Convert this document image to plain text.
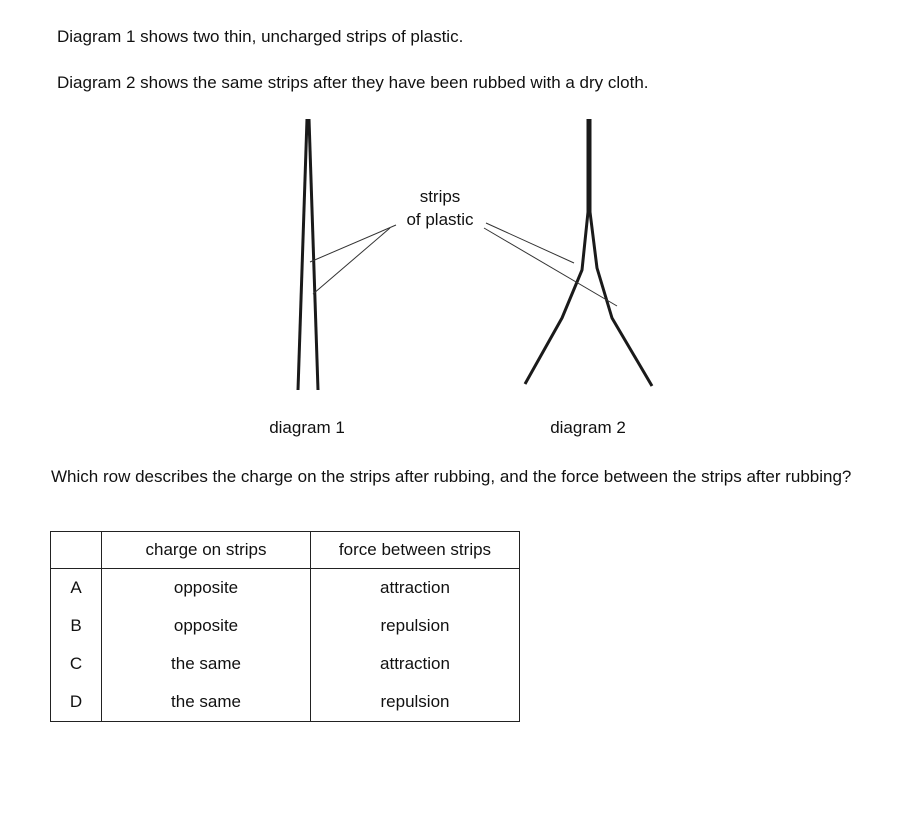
Diagram 1 shows two thin, uncharged strips of plastic.

Diagram 2 shows the same strips after they have been rubbed with a dry cloth.

strips
of plastic
diagram 1	diagram 2

Which row describes the charge on the strips after rubbing, and the force between the strips after rubbing?

	charge on strips	force between strips
A	opposite	attraction
B	opposite	repulsion
C	the same	attraction
D	the same	repulsion
